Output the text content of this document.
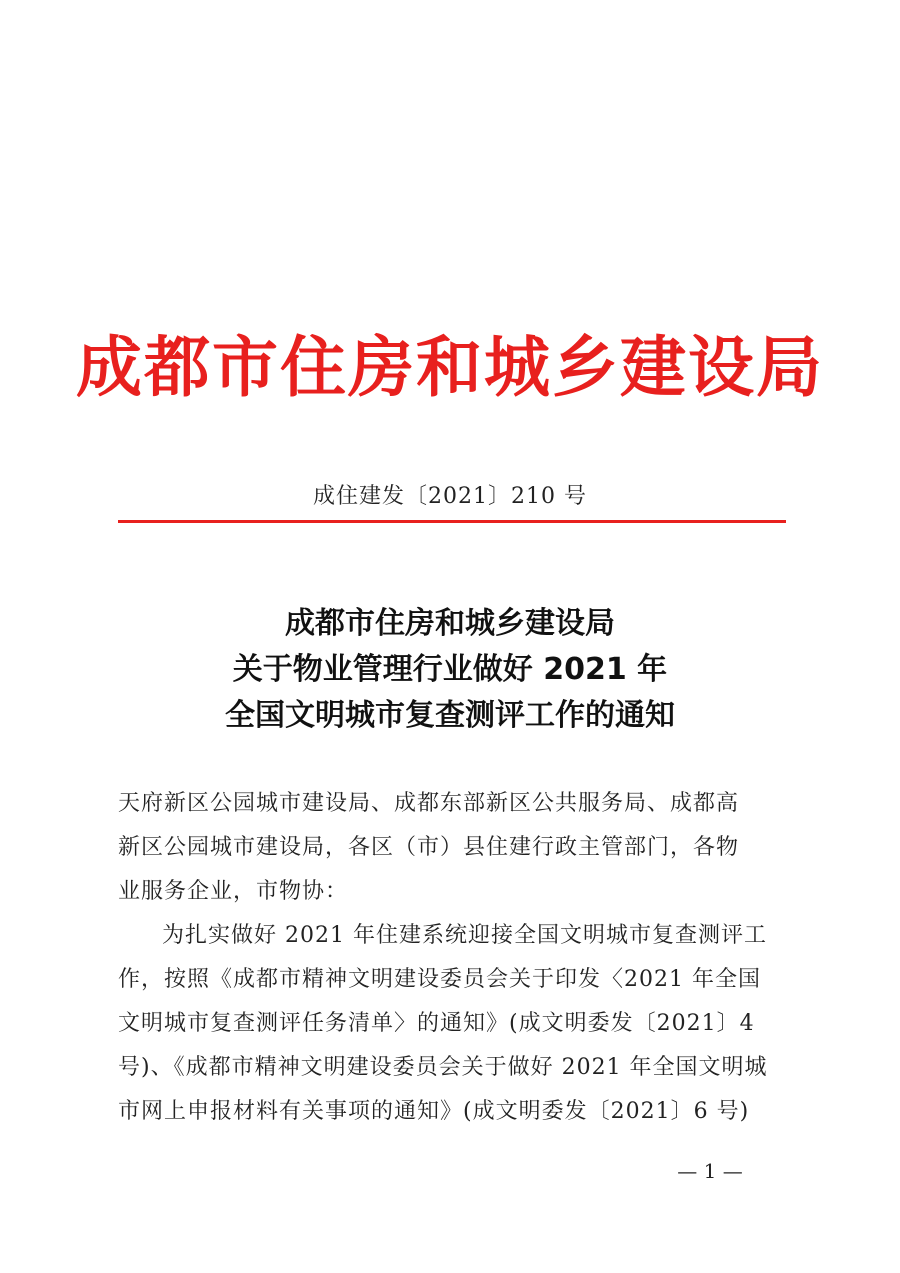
成都市住房和城乡建设局
成住建发〔2021〕210 号
成都市住房和城乡建设局
关于物业管理行业做好 2021 年
全国文明城市复查测评工作的通知
天府新区公园城市建设局、成都东部新区公共服务局、成都高
新区公园城市建设局，各区（市）县住建行政主管部门，各物
业服务企业，市物协：
为扎实做好 2021 年住建系统迎接全国文明城市复查测评工
作，按照《成都市精神文明建设委员会关于印发〈2021 年全国
文明城市复查测评任务清单〉的通知》(成文明委发〔2021〕4
号)、《成都市精神文明建设委员会关于做好 2021 年全国文明城
市网上申报材料有关事项的通知》(成文明委发〔2021〕6 号)
— 1 —
